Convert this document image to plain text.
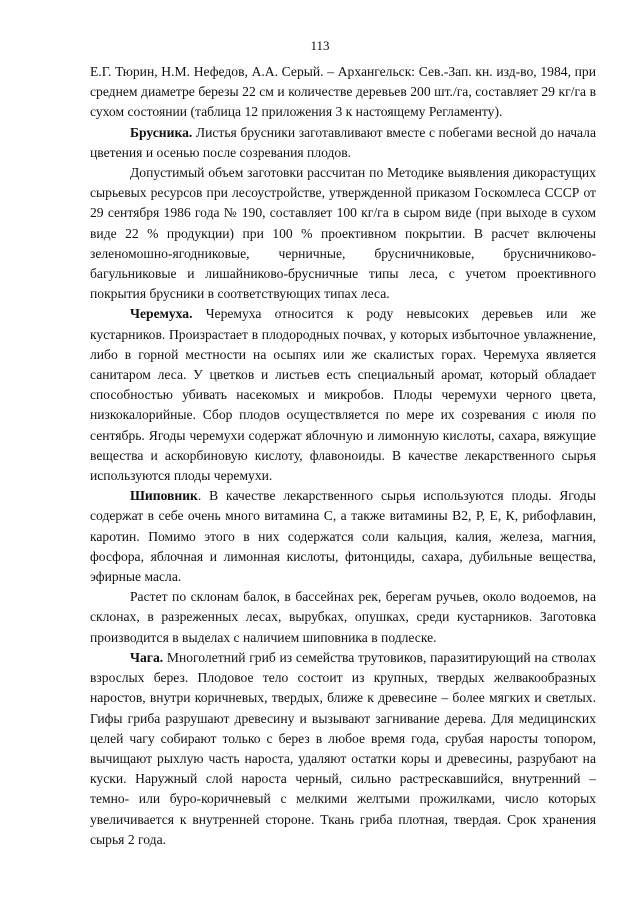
113

Е.Г. Тюрин, Н.М. Нефедов, А.А. Серый. – Архангельск: Сев.-Зап. кн. изд-во, 1984, при среднем диаметре березы 22 см и количестве деревьев 200 шт./га, составляет 29 кг/га в сухом состоянии (таблица 12 приложения 3 к настоящему Регламенту).

Брусника. Листья брусники заготавливают вместе с побегами весной до начала цветения и осенью после созревания плодов.

Допустимый объем заготовки рассчитан по Методике выявления дикорастущих сырьевых ресурсов при лесоустройстве, утвержденной приказом Госкомлеса СССР от 29 сентября 1986 года № 190, составляет 100 кг/га в сыром виде (при выходе в сухом виде 22 % продукции) при 100 % проективном покрытии. В расчет включены зеленомошно-ягодниковые, черничные, брусничниковые, брусничниково-багульниковые и лишайниково-брусничные типы леса, с учетом проективного покрытия брусники в соответствующих типах леса.

Черемуха. Черемуха относится к роду невысоких деревьев или же кустарников. Произрастает в плодородных почвах, у которых избыточное увлажнение, либо в горной местности на осыпях или же скалистых горах. Черемуха является санитаром леса. У цветков и листьев есть специальный аромат, который обладает способностью убивать насекомых и микробов. Плоды черемухи черного цвета, низкокалорийные. Сбор плодов осуществляется по мере их созревания с июля по сентябрь. Ягоды черемухи содержат яблочную и лимонную кислоты, сахара, вяжущие вещества и аскорбиновую кислоту, флавоноиды. В качестве лекарственного сырья используются плоды черемухи.

Шиповник. В качестве лекарственного сырья используются плоды. Ягоды содержат в себе очень много витамина С, а также витамины В2, Р, Е, К, рибофлавин, каротин. Помимо этого в них содержатся соли кальция, калия, железа, магния, фосфора, яблочная и лимонная кислоты, фитонциды, сахара, дубильные вещества, эфирные масла.

Растет по склонам балок, в бассейнах рек, берегам ручьев, около водоемов, на склонах, в разреженных лесах, вырубках, опушках, среди кустарников. Заготовка производится в выделах с наличием шиповника в подлеске.

Чага. Многолетний гриб из семейства трутовиков, паразитирующий на стволах взрослых берез. Плодовое тело состоит из крупных, твердых желвакообразных наростов, внутри коричневых, твердых, ближе к древесине – более мягких и светлых. Гифы гриба разрушают древесину и вызывают загнивание дерева. Для медицинских целей чагу собирают только с берез в любое время года, срубая наросты топором, вычищают рыхлую часть нароста, удаляют остатки коры и древесины, разрубают на куски. Наружный слой нароста черный, сильно растрескавшийся, внутренний – темно- или буро-коричневый с мелкими желтыми прожилками, число которых увеличивается к внутренней стороне. Ткань гриба плотная, твердая. Срок хранения сырья 2 года.
